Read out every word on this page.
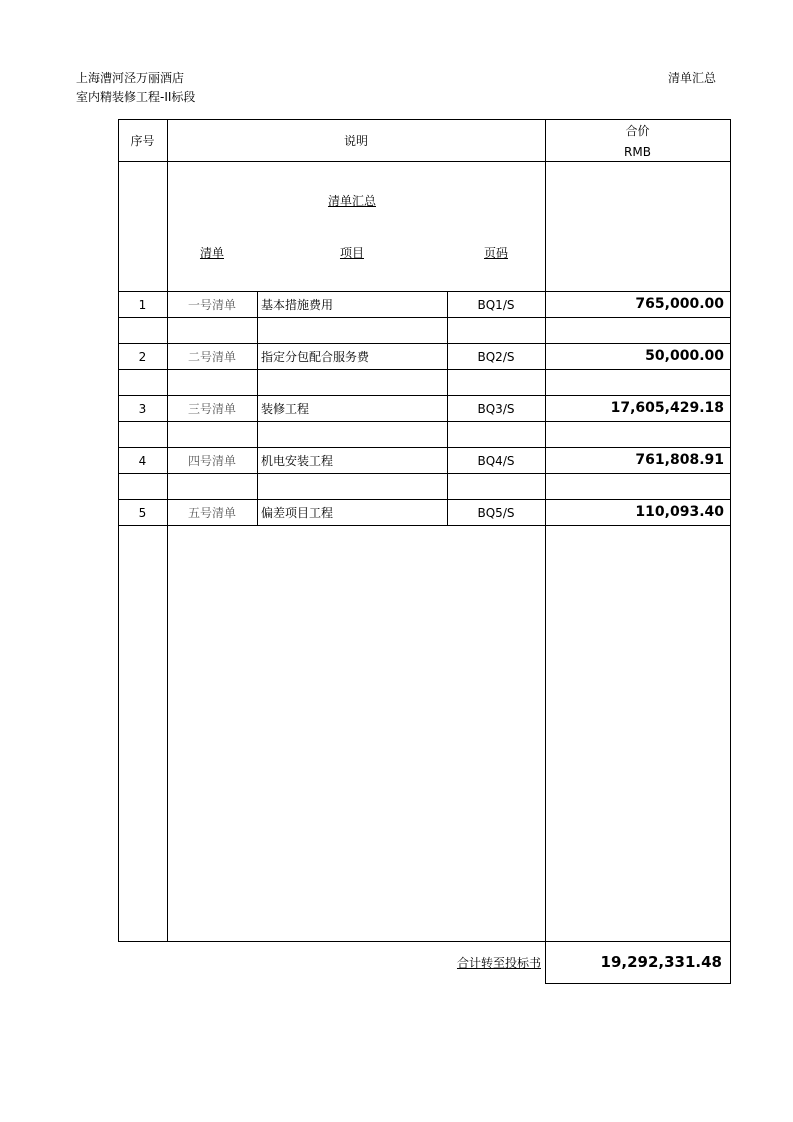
上海漕河泾万丽酒店
室内精装修工程-II标段
清单汇总
序号	说明
合价
RMB
清单汇总
清单	项目	页码
1	一号清单	基本措施费用	BQ1/S	765,000.00
2	二号清单	指定分包配合服务费	BQ2/S	50,000.00
3	三号清单	装修工程	BQ3/S	17,605,429.18
4	四号清单	机电安装工程	BQ4/S	761,808.91
5	五号清单	偏差项目工程	BQ5/S	110,093.40
合计转至投标书	19,292,331.48
